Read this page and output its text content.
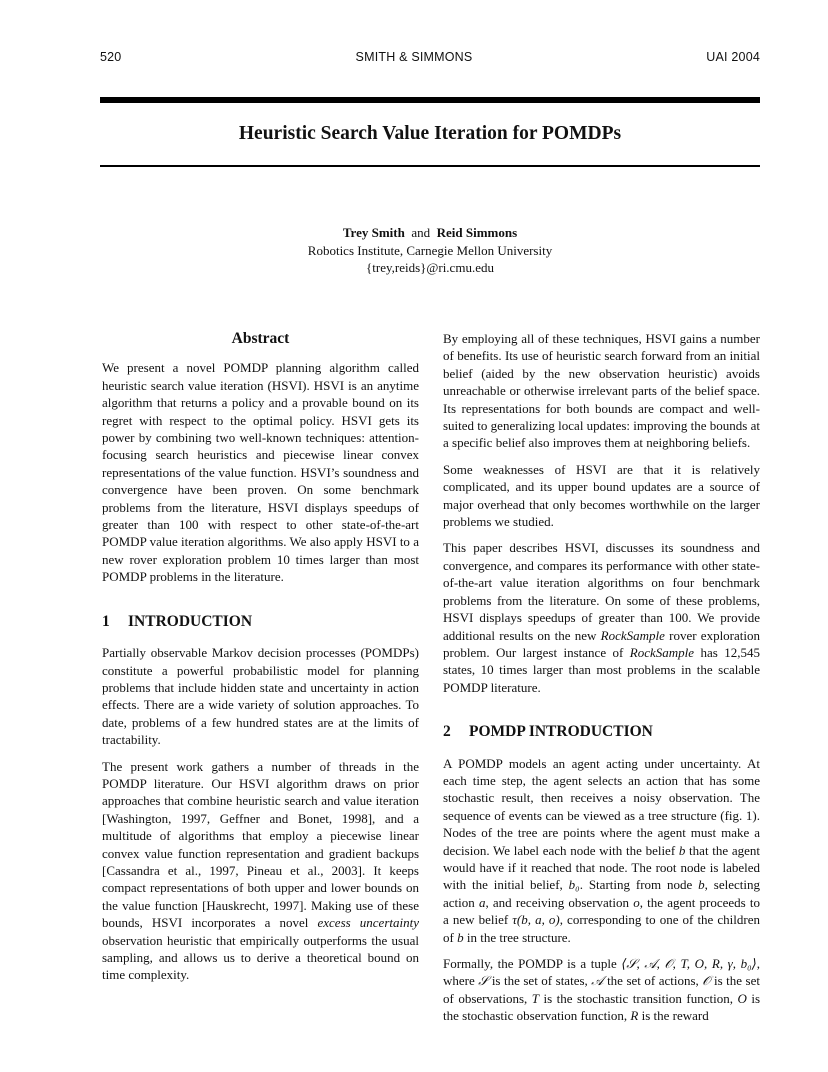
520	SMITH & SIMMONS	UAI 2004
Heuristic Search Value Iteration for POMDPs
Trey Smith and Reid Simmons
Robotics Institute, Carnegie Mellon University
{trey,reids}@ri.cmu.edu
Abstract

We present a novel POMDP planning algorithm called heuristic search value iteration (HSVI). HSVI is an anytime algorithm that returns a policy and a provable bound on its regret with respect to the optimal policy. HSVI gets its power by combining two well-known techniques: attention-focusing search heuristics and piecewise linear convex representations of the value function. HSVI’s soundness and convergence have been proven. On some benchmark problems from the literature, HSVI displays speedups of greater than 100 with respect to other state-of-the-art POMDP value iteration algorithms. We also apply HSVI to a new rover exploration problem 10 times larger than most POMDP problems in the literature.

1 INTRODUCTION

Partially observable Markov decision processes (POMDPs) constitute a powerful probabilistic model for planning problems that include hidden state and uncertainty in action effects. There are a wide variety of solution approaches. To date, problems of a few hundred states are at the limits of tractability.

The present work gathers a number of threads in the POMDP literature. Our HSVI algorithm draws on prior approaches that combine heuristic search and value iteration [Washington, 1997, Geffner and Bonet, 1998], and a multitude of algorithms that employ a piecewise linear convex value function representation and gradient backups [Cassandra et al., 1997, Pineau et al., 2003]. It keeps compact representations of both upper and lower bounds on the value function [Hauskrecht, 1997]. Making use of these bounds, HSVI incorporates a novel excess uncertainty observation heuristic that empirically outperforms the usual sampling, and allows us to derive a theoretical bound on time complexity.

By employing all of these techniques, HSVI gains a number of benefits. Its use of heuristic search forward from an initial belief (aided by the new observation heuristic) avoids unreachable or otherwise irrelevant parts of the belief space. Its representations for both bounds are compact and well-suited to generalizing local updates: improving the bounds at a specific belief also improves them at neighboring beliefs.

Some weaknesses of HSVI are that it is relatively complicated, and its upper bound updates are a source of major overhead that only becomes worthwhile on the larger problems we studied.

This paper describes HSVI, discusses its soundness and convergence, and compares its performance with other state-of-the-art value iteration algorithms on four benchmark problems from the literature. On some of these problems, HSVI displays speedups of greater than 100. We provide additional results on the new RockSample rover exploration problem. Our largest instance of RockSample has 12,545 states, 10 times larger than most problems in the scalable POMDP literature.

2 POMDP INTRODUCTION

A POMDP models an agent acting under uncertainty. At each time step, the agent selects an action that has some stochastic result, then receives a noisy observation. The sequence of events can be viewed as a tree structure (fig. 1). Nodes of the tree are points where the agent must make a decision. We label each node with the belief b that the agent would have if it reached that node. The root node is labeled with the initial belief, b₀. Starting from node b, selecting action a, and receiving observation o, the agent proceeds to a new belief τ(b, a, o), corresponding to one of the children of b in the tree structure.

Formally, the POMDP is a tuple ⟨𝒮, 𝒜, 𝒪, T, O, R, γ, b₀⟩, where 𝒮 is the set of states, 𝒜 the set of actions, 𝒪 is the set of observations, T is the stochastic transition function, O is the stochastic observation function, R is the reward
